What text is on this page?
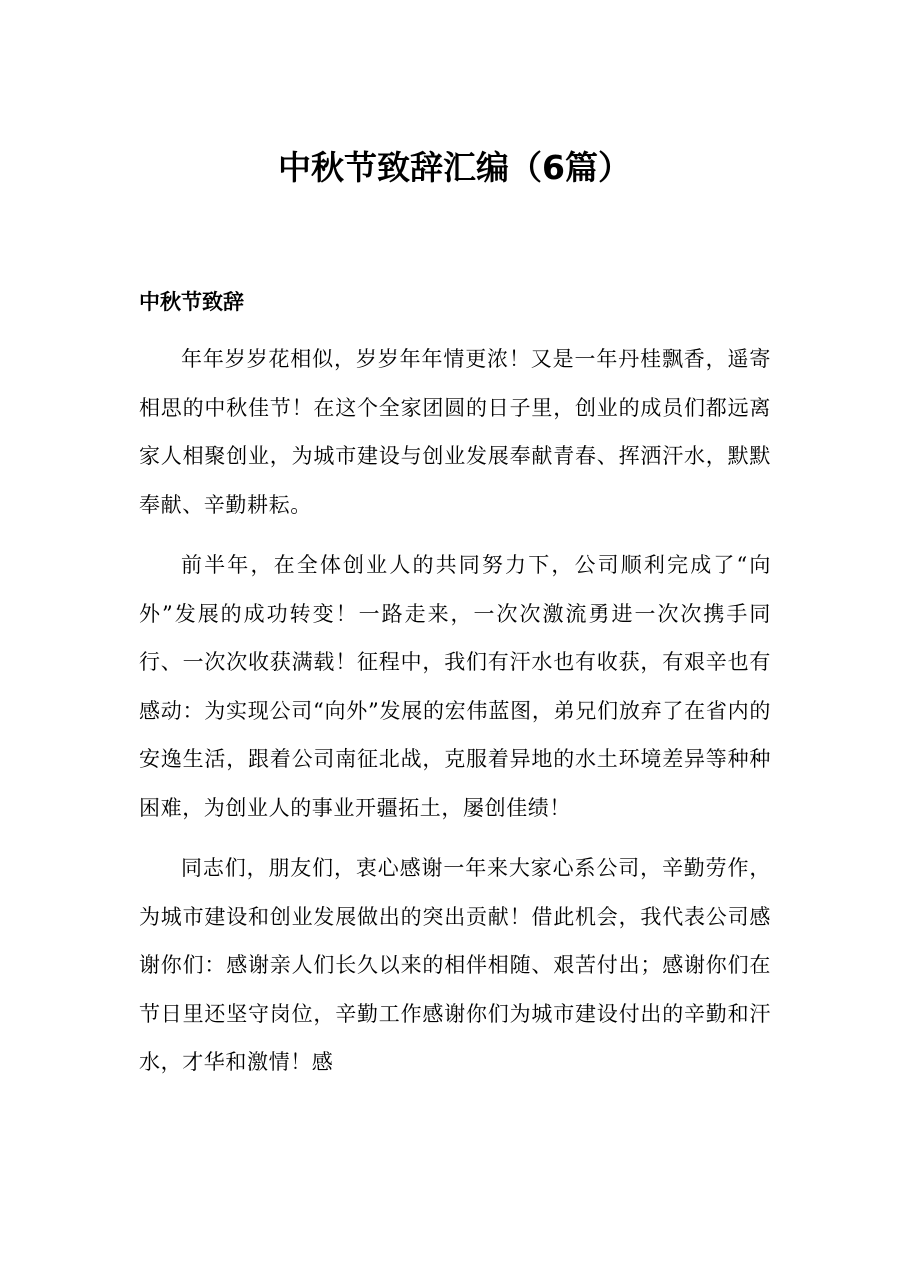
中秋节致辞汇编（6篇）
中秋节致辞

年年岁岁花相似，岁岁年年情更浓！又是一年丹桂飘香，遥寄相思的中秋佳节！在这个全家团圆的日子里，创业的成员们都远离家人相聚创业，为城市建设与创业发展奉献青春、挥洒汗水，默默奉献、辛勤耕耘。

前半年，在全体创业人的共同努力下，公司顺利完成了“向外”发展的成功转变！一路走来，一次次激流勇进一次次携手同行、一次次收获满载！征程中，我们有汗水也有收获，有艰辛也有感动：为实现公司“向外”发展的宏伟蓝图，弟兄们放弃了在省内的安逸生活，跟着公司南征北战，克服着异地的水土环境差异等种种困难，为创业人的事业开疆拓土，屡创佳绩！

同志们，朋友们，衷心感谢一年来大家心系公司，辛勤劳作，为城市建设和创业发展做出的突出贡献！借此机会，我代表公司感谢你们：感谢亲人们长久以来的相伴相随、艰苦付出；感谢你们在节日里还坚守岗位，辛勤工作感谢你们为城市建设付出的辛勤和汗水，才华和激情！感
